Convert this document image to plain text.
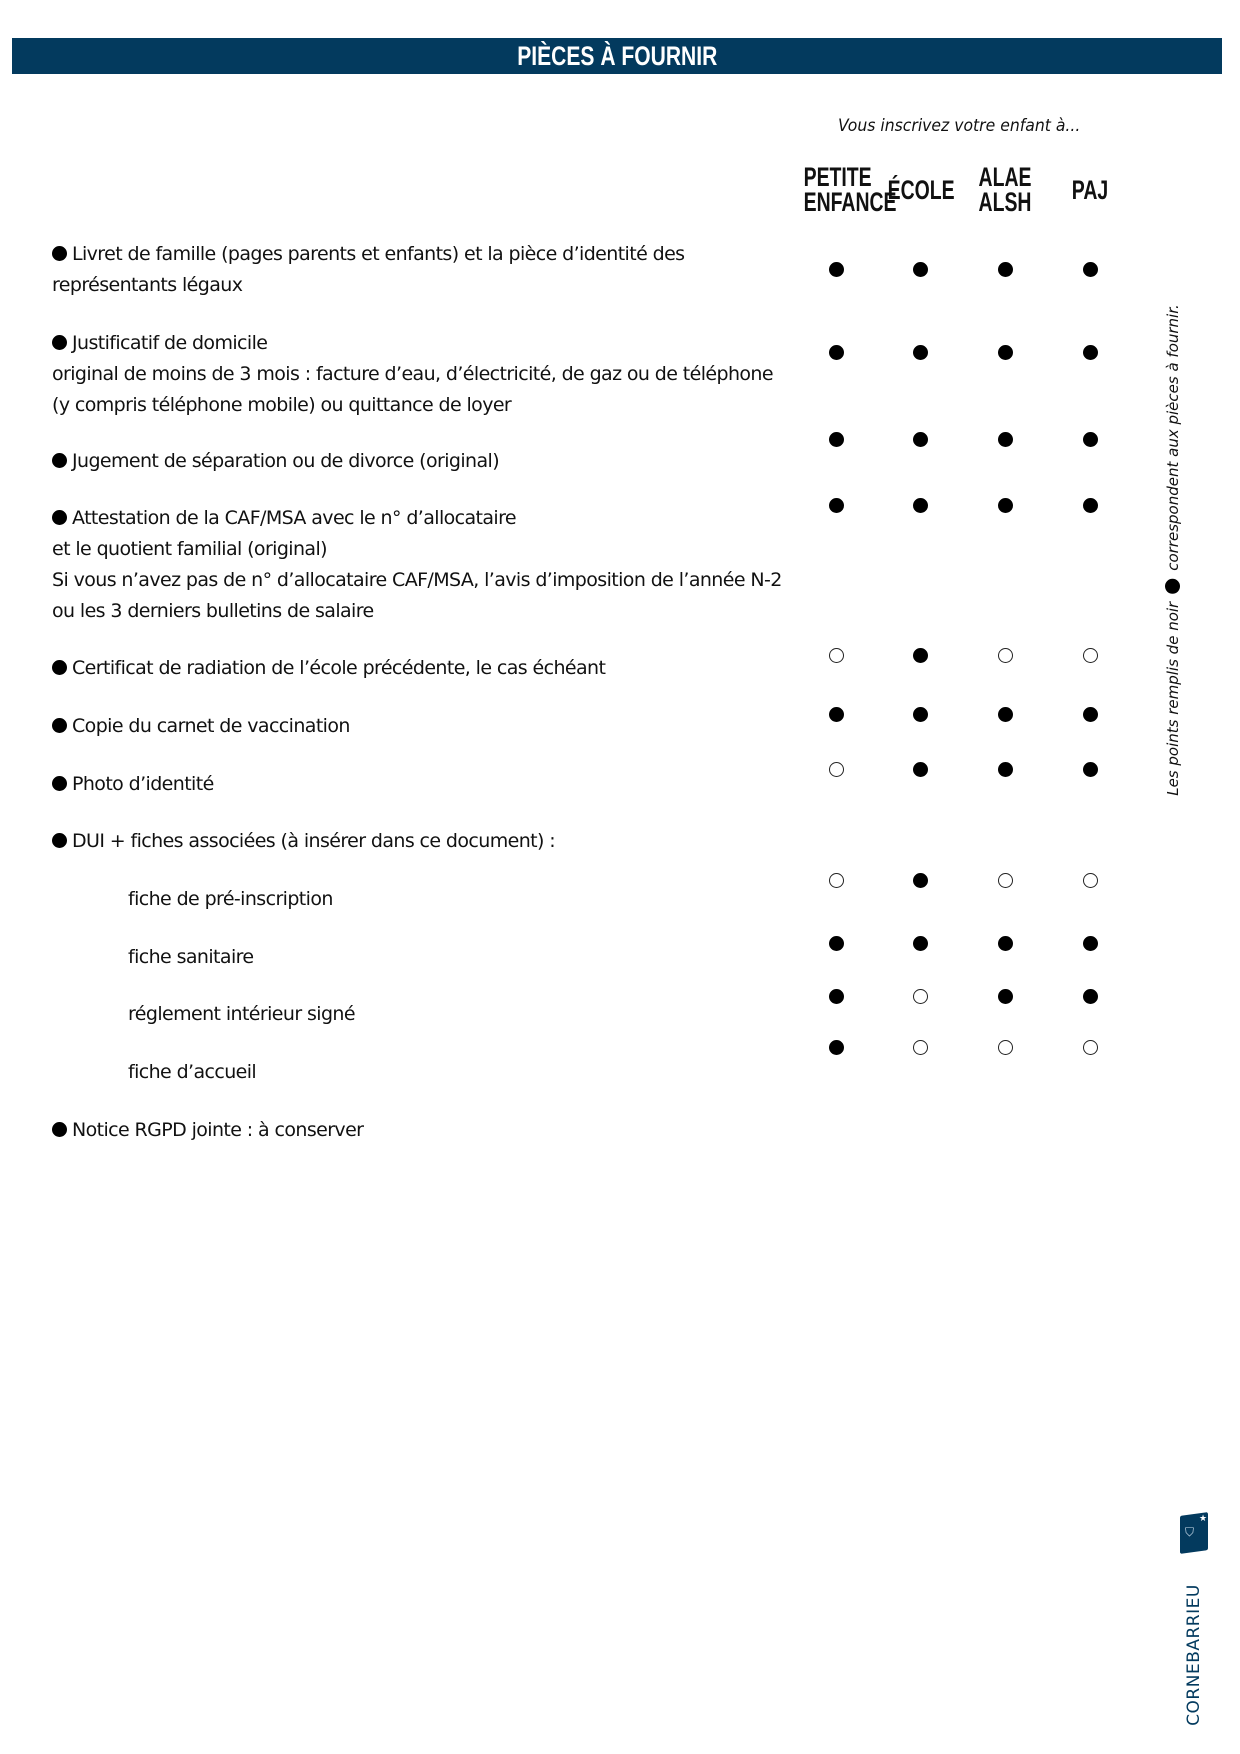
PIÈCES À FOURNIR
Vous inscrivez votre enfant à...
PETITE
ENFANCE
ÉCOLE ALAE
ALSH	PAJ
Livret de famille (pages parents et enfants) et la pièce d’identité des
représentants légaux
Justificatif de domicile
original de moins de 3 mois : facture d’eau, d’électricité, de gaz ou de téléphone
(y compris téléphone mobile) ou quittance de loyer
Jugement de séparation ou de divorce (original)
Attestation de la CAF/MSA avec le n° d’allocataire
et le quotient familial (original)
Si vous n’avez pas de n° d’allocataire CAF/MSA, l’avis d’imposition de l’année N-2
ou les 3 derniers bulletins de salaire
Certificat de radiation de l’école précédente, le cas échéant
Copie du carnet de vaccination
Photo d’identité
DUI + fiches associées (à insérer dans ce document) :
fiche de pré-inscription
fiche sanitaire
réglement intérieur signé
fiche d’accueil
Notice RGPD jointe : à conserver
Les points remplis de noircorrespondent aux pièces à fournir.
★
⛉
CORNEBARRIEU
